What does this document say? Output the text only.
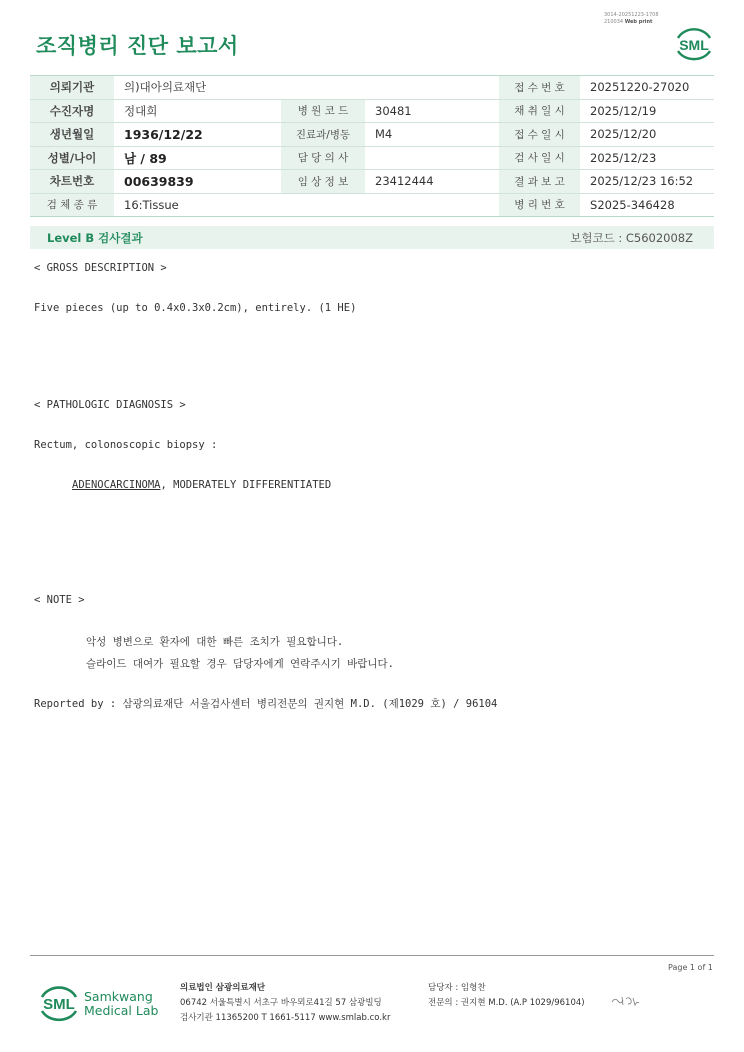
3014-20251223-1708
210034 Web print
조직병리 진단 보고서	SML
의뢰기관	의)대아의료재단			접 수 번 호	20251220-27020
수진자명	정대희	병 원 코 드	30481	채 취 일 시	2025/12/19
생년월일	1936/12/22	진료과/병동	M4	접 수 일 시	2025/12/20
성별/나이	남 / 89	담 당 의 사		검 사 일 시	2025/12/23
차트번호	00639839	임 상 정 보	23412444	결 과 보 고	2025/12/23 16:52
검 체 종 류	16:Tissue			병 리 번 호	S2025-346428
Level B 검사결과	보험코드 : C5602008Z
< GROSS DESCRIPTION >
Five pieces (up to 0.4x0.3x0.2cm), entirely. (1 HE)
< PATHOLOGIC DIAGNOSIS >
Rectum, colonoscopic biopsy :
ADENOCARCINOMA, MODERATELY DIFFERENTIATED
< NOTE >
악성 병변으로 환자에 대한 빠른 조치가 필요합니다.
슬라이드 대여가 필요할 경우 담당자에게 연락주시기 바랍니다.
Reported by : 삼광의료재단 서울검사센터 병리전문의 권지현 M.D. (제1029 호) / 96104
Page 1 of 1
SML Samkwang
Medical Lab
의료법인 삼광의료재단
06742 서울특별시 서초구 바우뫼로41길 57 삼광빌딩
검사기관 11365200 T 1661-5117 www.smlab.co.kr
담당자 : 임형찬
전문의 : 권지현 M.D. (A.P 1029/96104)
